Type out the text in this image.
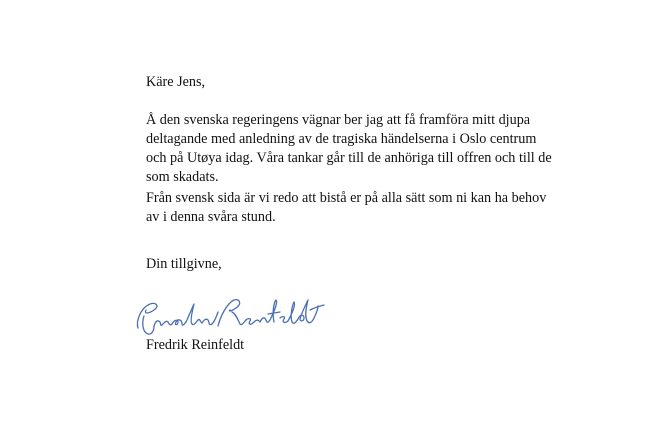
Käre Jens,
Å den svenska regeringens vägnar ber jag att få framföra mitt djupa
deltagande med anledning av de tragiska händelserna i Oslo centrum
och på Utøya idag. Våra tankar går till de anhöriga till offren och till de
som skadats.
Från svensk sida är vi redo att bistå er på alla sätt som ni kan ha behov
av i denna svåra stund.
Din tillgivne,
Fredrik Reinfeldt
